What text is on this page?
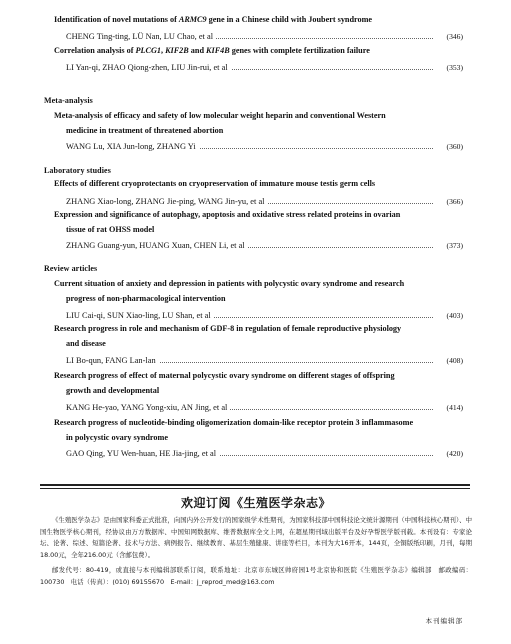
Identification of novel mutations of ARMC9 gene in a Chinese child with Joubert syndrome
CHENG Ting-ting, LÜ Nan, LU Chao, et al	(346)
Correlation analysis of PLCG1, KIF2B and KIF4B genes with complete fertilization failure
LI Yan-qi, ZHAO Qiong-zhen, LIU Jin-rui, et al	(353)
Meta-analysis
Meta-analysis of efficacy and safety of low molecular weight heparin and conventional Western
medicine in treatment of threatened abortion
WANG Lu, XIA Jun-long, ZHANG Yi	(360)
Laboratory studies
Effects of different cryoprotectants on cryopreservation of immature mouse testis germ cells
ZHANG Xiao-long, ZHANG Jie-ping, WANG Jin-yu, et al	(366)
Expression and significance of autophagy, apoptosis and oxidative stress related proteins in ovarian
tissue of rat OHSS model
ZHANG Guang-yun, HUANG Xuan, CHEN Li, et al	(373)
Review articles
Current situation of anxiety and depression in patients with polycystic ovary syndrome and research
progress of non-pharmacological intervention
LIU Cai-qi, SUN Xiao-ling, LU Shan, et al	(403)
Research progress in role and mechanism of GDF-8 in regulation of female reproductive physiology
and disease
LI Bo-qun, FANG Lan-lan	(408)
Research progress of effect of maternal polycystic ovary syndrome on different stages of offspring
growth and developmental
KANG He-yao, YANG Yong-xiu, AN Jing, et al	(414)
Research progress of nucleotide-binding oligomerization domain-like receptor protein 3 inflammasome
in polycystic ovary syndrome
GAO Qing, YU Wen-huan, HE Jia-jing, et al	(420)
欢迎订阅《生殖医学杂志》
《生殖医学杂志》是由国家科委正式批准，向国内外公开发行的国家级学术性期刊，为国家科技部中国科技论文统计源期刊（中国科技核心期刊）、中国生物医学核心期刊，经协议由万方数据库、中国知网数据库、维普数据库全文上网，在超星期刊域出版平台及好孕帮医学版刊载。本刊设有：专家论坛、论著、综述、短篇论著、技术与方法、病例报告、继续教育、基层生殖健康、讲座等栏目，本刊为大16开本，144页，全铜版纸印刷，月刊，每期18.00元，全年216.00元（含邮包费）。
邮发代号：80-419，或直接与本刊编辑部联系订阅，联系地址：北京市东城区帅府园1号北京协和医院《生殖医学杂志》编辑部　邮政编码：100730　电话（传真）：(010) 69155670　E-mail：j_reprod_med@163.com
本刊编辑部
